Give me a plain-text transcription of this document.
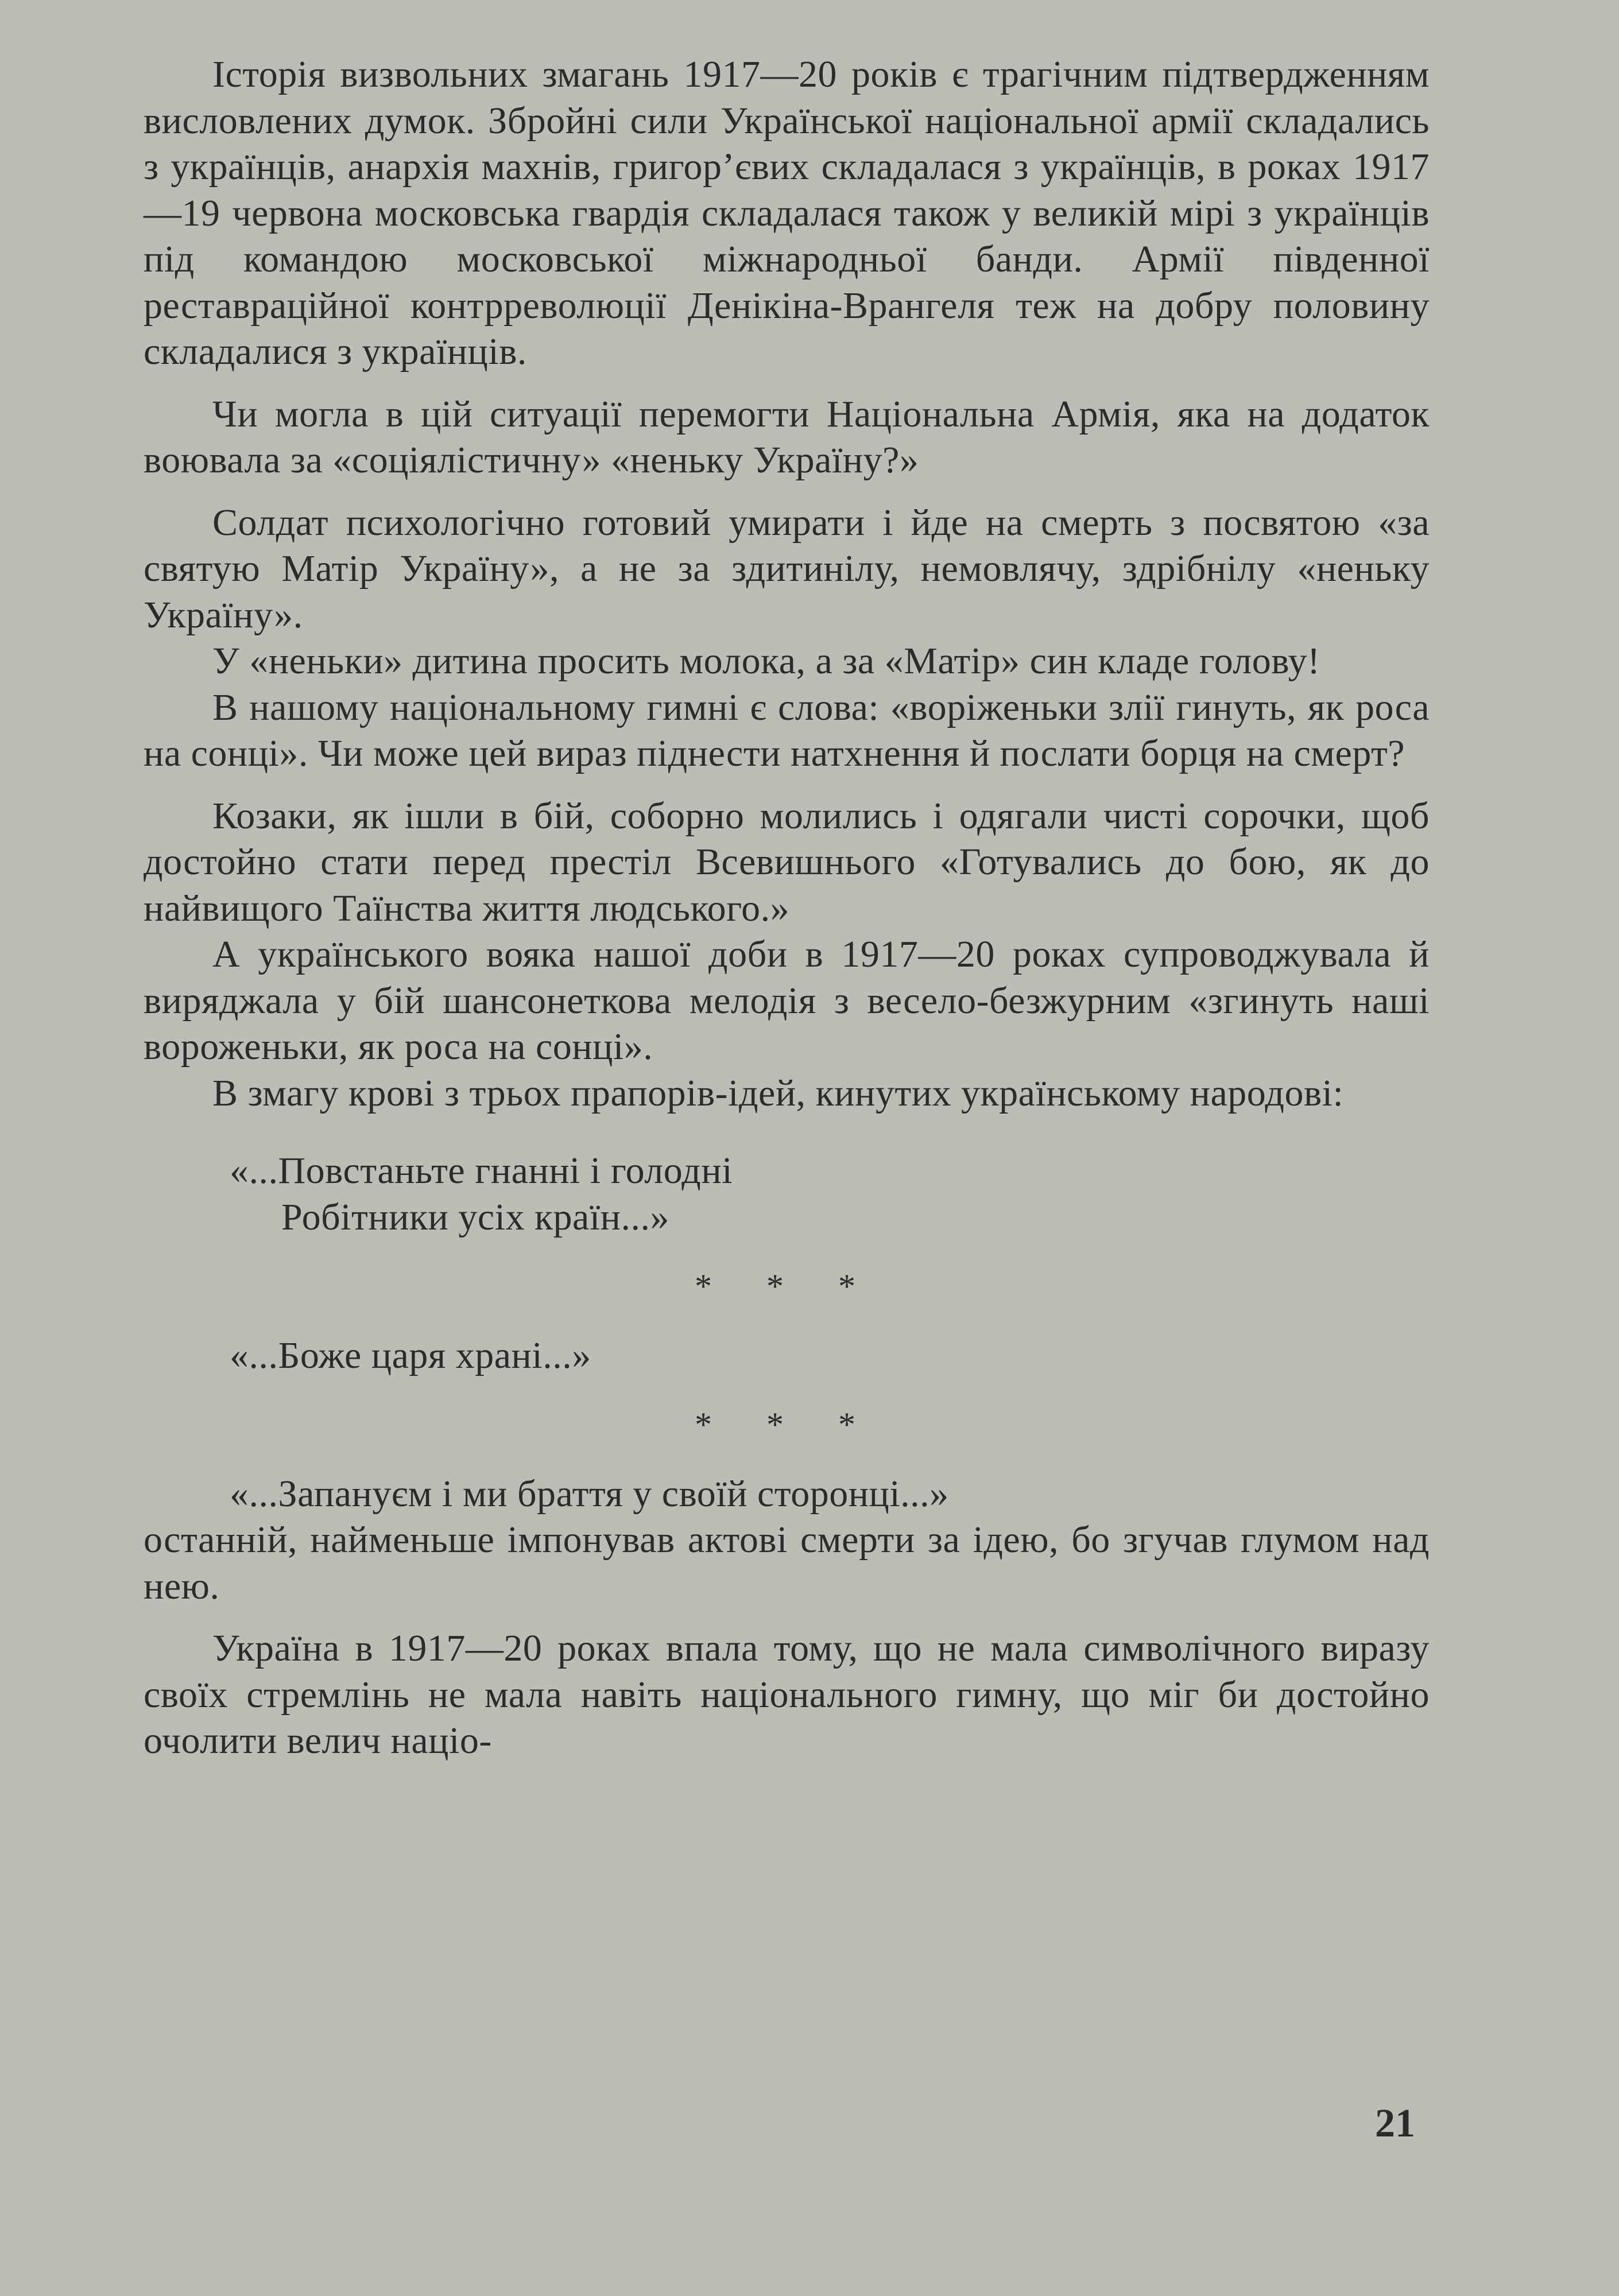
Історія визвольних змагань 1917—20 років є трагічним підтвердженням висловлених думок. Збройні сили Української національної армії складались з українців, анархія махнів, григор’євих складалася з українців, в роках 1917—19 червона московська гвардія складалася також у великій мірі з українців під командою московської міжнародньої банди. Армії південної реставраційної контрреволюції Денікіна-Врангеля теж на добру половину складалися з українців.

Чи могла в цій ситуації перемогти Національна Армія, яка на додаток воювала за «соціялістичну» «неньку Україну?»

Солдат психологічно готовий умирати і йде на смерть з посвятою «за святую Матір Україну», а не за здитинілу, немовлячу, здрібнілу «неньку Україну».

У «неньки» дитина просить молока, а за «Матір» син кладе голову!

В нашому національному гимні є слова: «воріженьки злії гинуть, як роса на сонці». Чи може цей вираз піднести натхнення й послати борця на смерт?

Козаки, як ішли в бій, соборно молились і одягали чисті сорочки, щоб достойно стати перед престіл Всевишнього «Готувались до бою, як до найвищого Таїнства життя людського.»

А українського вояка нашої доби в 1917—20 роках супроводжувала й виряджала у бій шансонеткова мелодія з весело-безжурним «згинуть наші вороженьки, як роса на сонці».

В змагу крові з трьох прапорів-ідей, кинутих українському народові:

«...Повстаньте гнанні і голодні

Робітники усіх країн...»

* * *

«...Боже царя храні...»

* * *

«...Запануєм і ми браття у своїй сторонці...»

останній, найменьше імпонував актові смерти за ідею, бо згучав глумом над нею.

Україна в 1917—20 роках впала тому, що не мала символічного виразу своїх стремлінь не мала навіть національного гимну, що міг би достойно очолити велич націо-

21
